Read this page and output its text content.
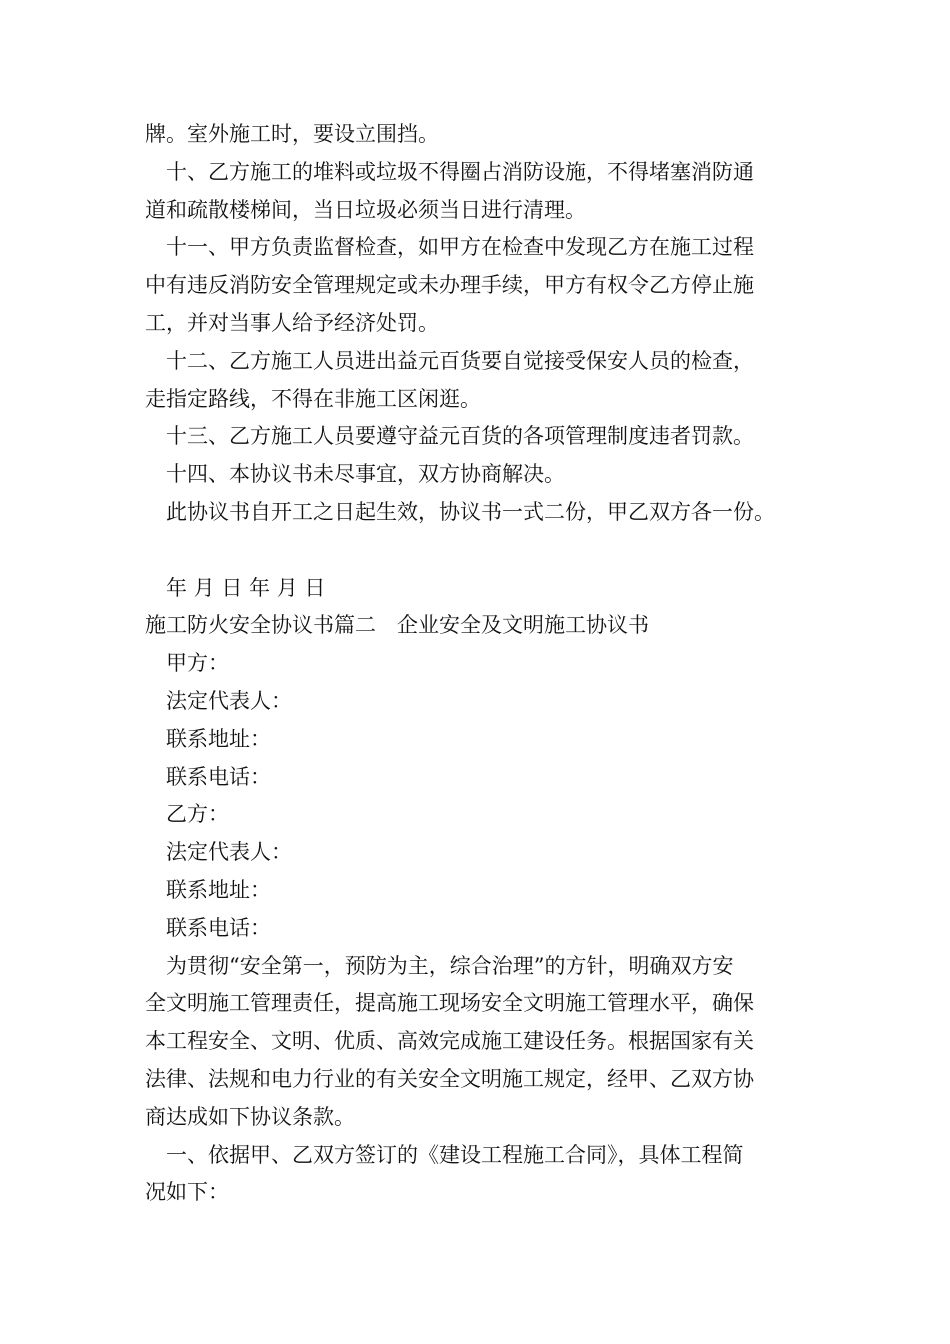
牌。室外施工时，要设立围挡。
　十、乙方施工的堆料或垃圾不得圈占消防设施，不得堵塞消防通
道和疏散楼梯间，当日垃圾必须当日进行清理。
　十一、甲方负责监督检查，如甲方在检查中发现乙方在施工过程
中有违反消防安全管理规定或未办理手续，甲方有权令乙方停止施
工，并对当事人给予经济处罚。
　十二、乙方施工人员进出益元百货要自觉接受保安人员的检查，
走指定路线，不得在非施工区闲逛。
　十三、乙方施工人员要遵守益元百货的各项管理制度违者罚款。
　十四、本协议书未尽事宜，双方协商解决。
　此协议书自开工之日起生效，协议书一式二份，甲乙双方各一份。
　年 月 日 年 月 日
施工防火安全协议书篇二　企业安全及文明施工协议书
　甲方：
　法定代表人：
　联系地址：
　联系电话：
　乙方：
　法定代表人：
　联系地址：
　联系电话：
　为贯彻“安全第一，预防为主，综合治理”的方针，明确双方安
全文明施工管理责任，提高施工现场安全文明施工管理水平，确保
本工程安全、文明、优质、高效完成施工建设任务。根据国家有关
法律、法规和电力行业的有关安全文明施工规定，经甲、乙双方协
商达成如下协议条款。
　一、依据甲、乙双方签订的《建设工程施工合同》，具体工程简
况如下：
